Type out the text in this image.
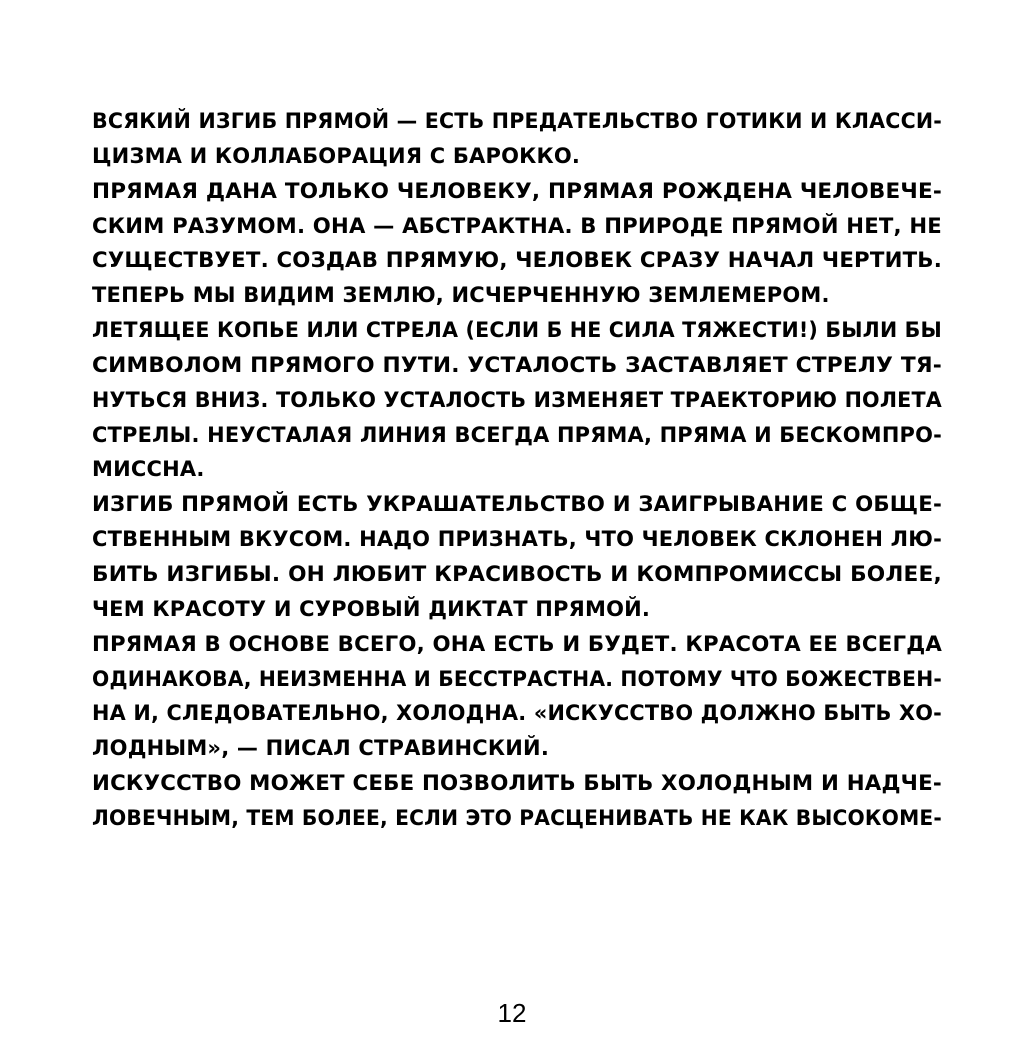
ВСЯКИЙ ИЗГИБ ПРЯМОЙ — ЕСТЬ ПРЕДАТЕЛЬСТВО ГОТИКИ И КЛАССИ-
ЦИЗМА И КОЛЛАБОРАЦИЯ С БАРОККО.
ПРЯМАЯ ДАНА ТОЛЬКО ЧЕЛОВЕКУ, ПРЯМАЯ РОЖДЕНА ЧЕЛОВЕЧЕ-
СКИМ РАЗУМОМ. ОНА — АБСТРАКТНА. В ПРИРОДЕ ПРЯМОЙ НЕТ, НЕ
СУЩЕСТВУЕТ. СОЗДАВ ПРЯМУЮ, ЧЕЛОВЕК СРАЗУ НАЧАЛ ЧЕРТИТЬ.
ТЕПЕРЬ МЫ ВИДИМ ЗЕМЛЮ, ИСЧЕРЧЕННУЮ ЗЕМЛЕМЕРОМ.
ЛЕТЯЩЕЕ КОПЬЕ ИЛИ СТРЕЛА (ЕСЛИ Б НЕ СИЛА ТЯЖЕСТИ!) БЫЛИ БЫ
СИМВОЛОМ ПРЯМОГО ПУТИ. УСТАЛОСТЬ ЗАСТАВЛЯЕТ СТРЕЛУ ТЯ-
НУТЬСЯ ВНИЗ. ТОЛЬКО УСТАЛОСТЬ ИЗМЕНЯЕТ ТРАЕКТОРИЮ ПОЛЕТА
СТРЕЛЫ. НЕУСТАЛАЯ ЛИНИЯ ВСЕГДА ПРЯМА, ПРЯМА И БЕСКОМПРО-
МИССНА.
ИЗГИБ ПРЯМОЙ ЕСТЬ УКРАШАТЕЛЬСТВО И ЗАИГРЫВАНИЕ С ОБЩЕ-
СТВЕННЫМ ВКУСОМ. НАДО ПРИЗНАТЬ, ЧТО ЧЕЛОВЕК СКЛОНЕН ЛЮ-
БИТЬ ИЗГИБЫ. ОН ЛЮБИТ КРАСИВОСТЬ И КОМПРОМИССЫ БОЛЕЕ,
ЧЕМ КРАСОТУ И СУРОВЫЙ ДИКТАТ ПРЯМОЙ.
ПРЯМАЯ В ОСНОВЕ ВСЕГО, ОНА ЕСТЬ И БУДЕТ. КРАСОТА ЕЕ ВСЕГДА
ОДИНАКОВА, НЕИЗМЕННА И БЕССТРАСТНА. ПОТОМУ ЧТО БОЖЕСТВЕН-
НА И, СЛЕДОВАТЕЛЬНО, ХОЛОДНА. «ИСКУССТВО ДОЛЖНО БЫТЬ ХО-
ЛОДНЫМ», — ПИСАЛ СТРАВИНСКИЙ.
ИСКУССТВО МОЖЕТ СЕБЕ ПОЗВОЛИТЬ БЫТЬ ХОЛОДНЫМ И НАДЧЕ-
ЛОВЕЧНЫМ, ТЕМ БОЛЕЕ, ЕСЛИ ЭТО РАСЦЕНИВАТЬ НЕ КАК ВЫСОКОМЕ-
12
